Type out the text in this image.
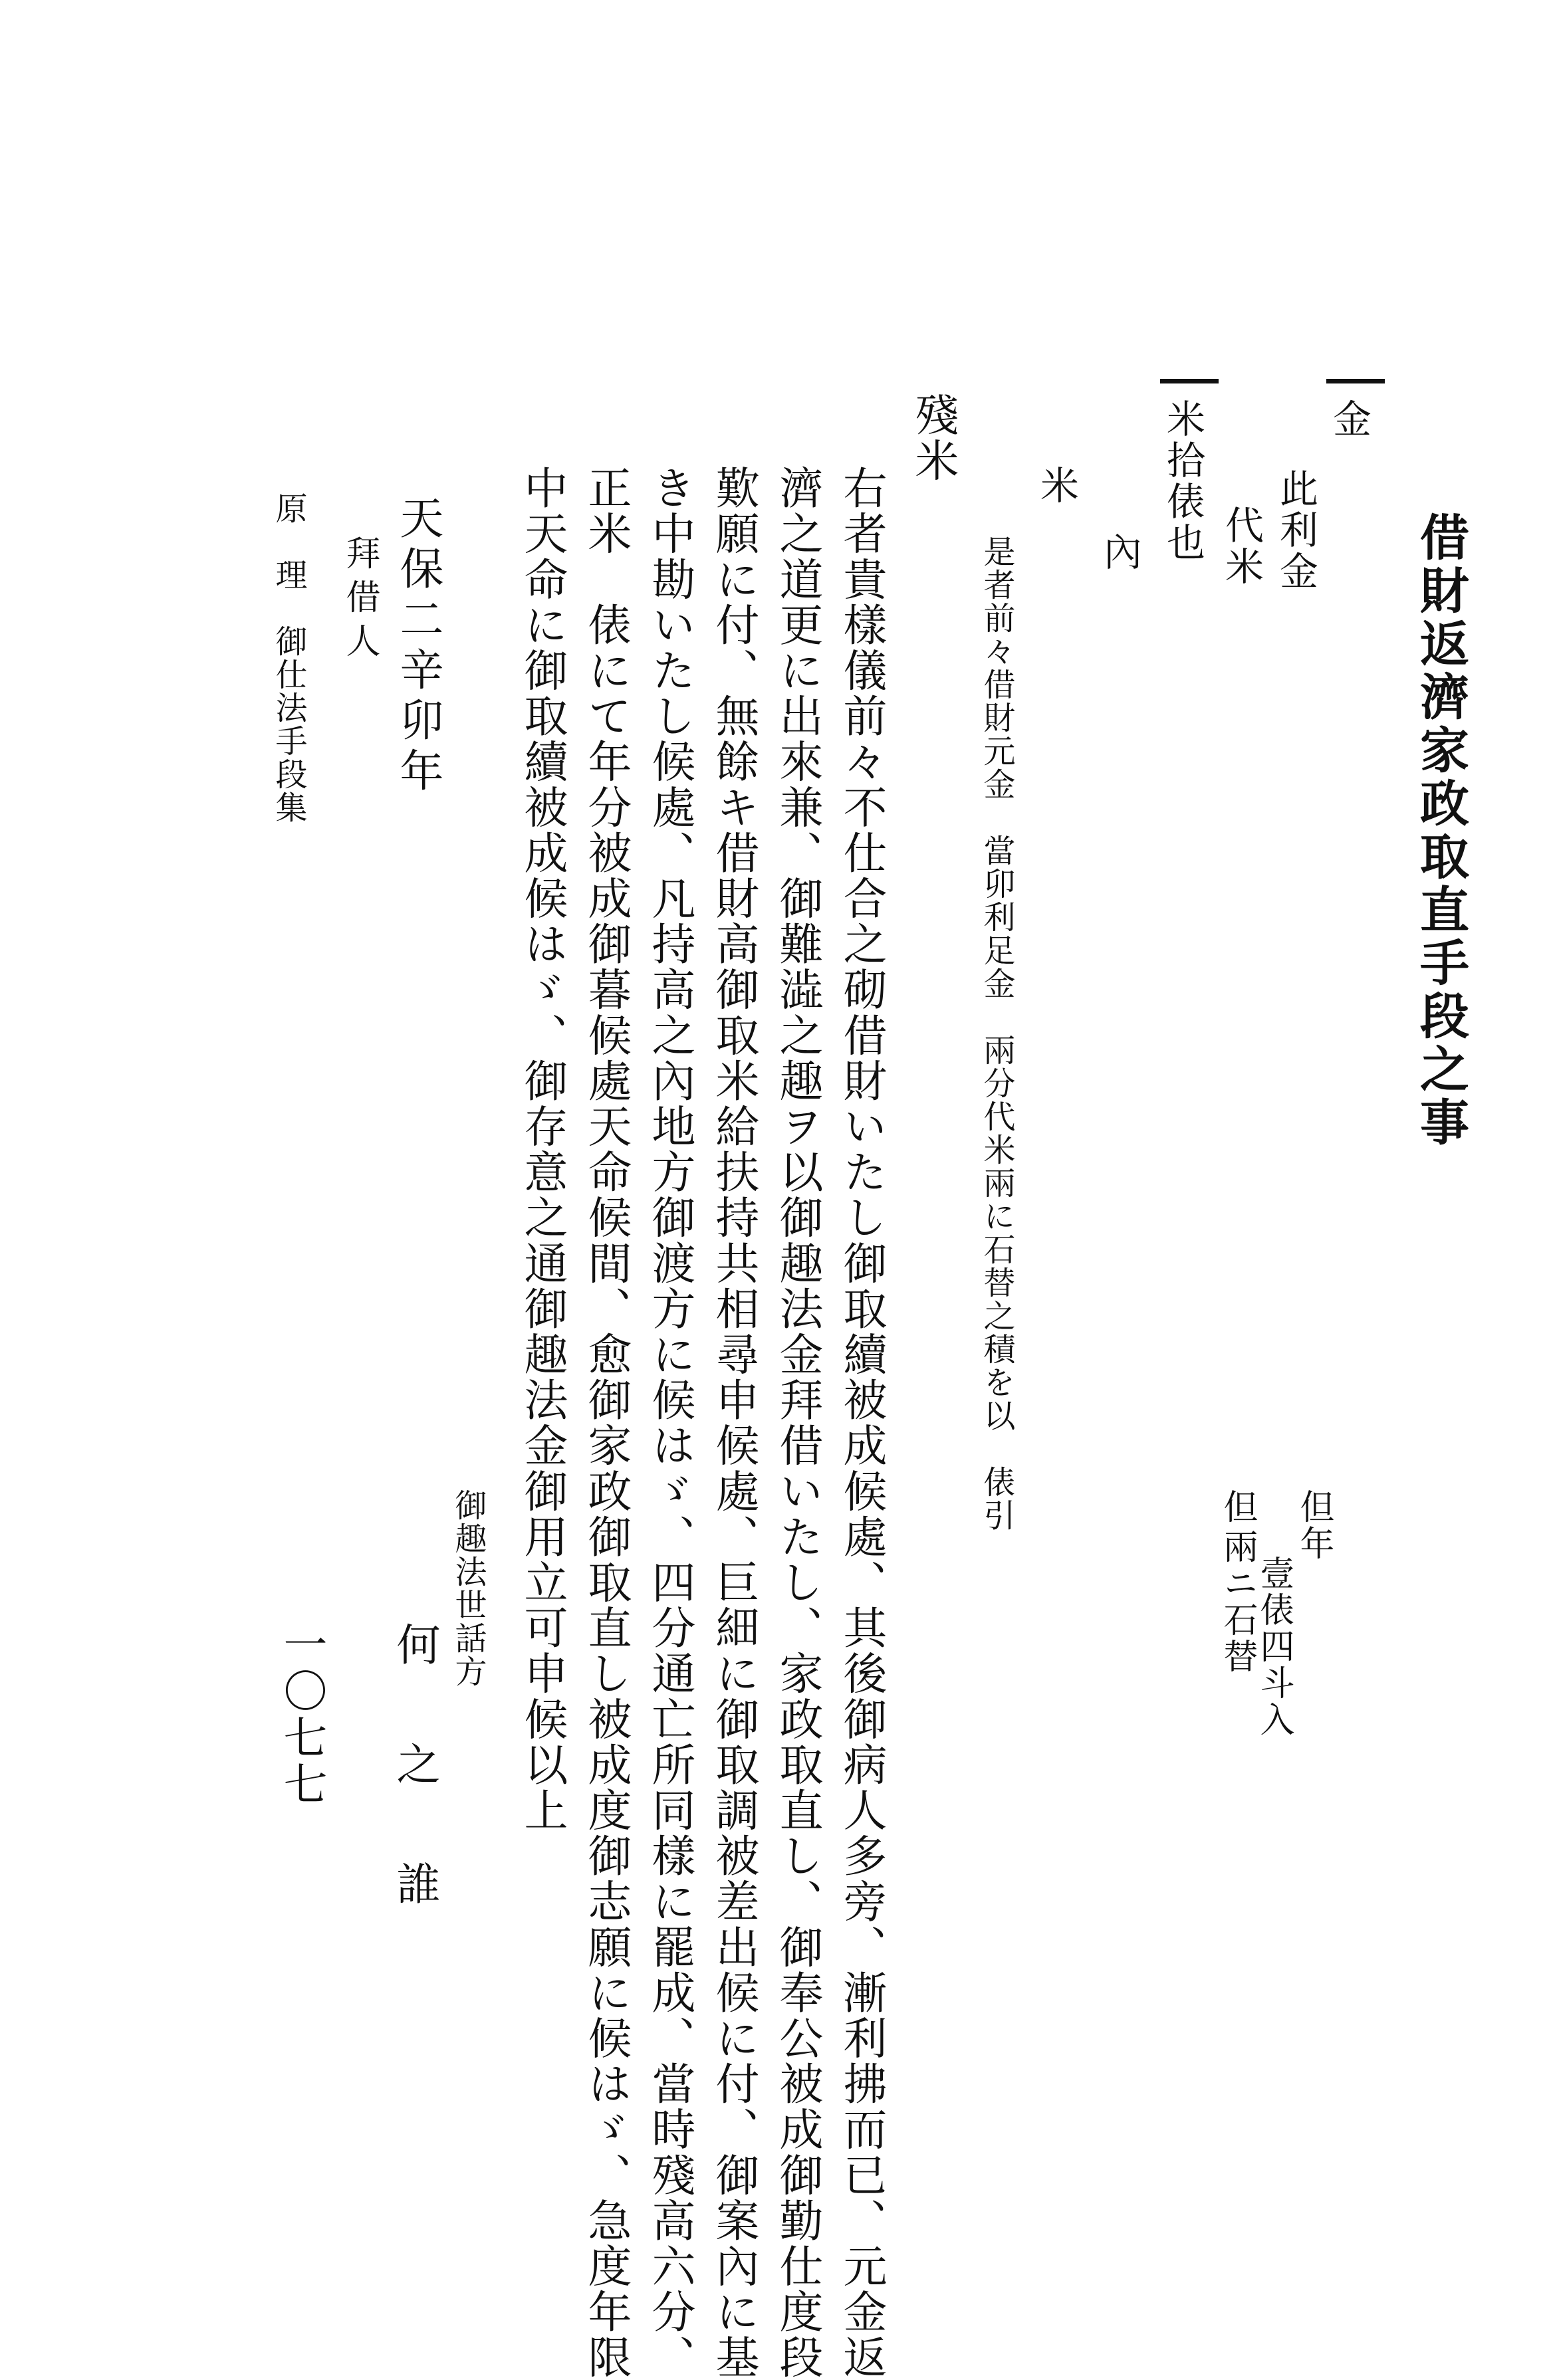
借財返濟家政取直手段之事
金
此利金
代米
米拾俵也
內
米
是者前々借財元金　當卯利足金　兩分代米兩に石替之積を以　俵引	但年
壹俵四斗入
但
兩ニ石替
殘米
右者貴樣儀前々不仕合之砌借財いたし御取續被成候處、其後御病人多旁、漸利拂而已、元金返
濟之道更に出來兼、御難澁之趣ヲ以御趣法金拜借いたし、家政取直し、御奉公被成御勤仕度段
歎願に付、無餘キ借財高御取米給扶持共相尋申候處、巨細に御取調被差出候に付、御案內に基
き中勘いたし候處、凡持高之內地方御渡方に候はゞ、四分通亡所同樣に罷成、當時殘高六分、
正米　俵にて年分被成御暮候處天命候間、愈御家政御取直し被成度御志願に候はゞ、急度年限
中天命に御取續被成候はゞ、御存意之通御趣法金御用立可申候以上
御趣法世話方
何　之　誰
天保二辛卯年
拜借人
原　理　御仕法手段集
一〇七七
